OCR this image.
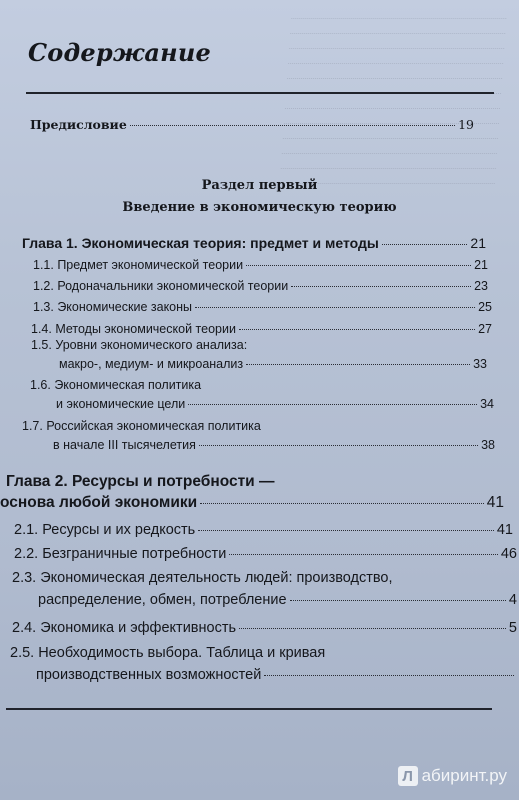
Содержание
Предисловие	19
Раздел первый
Введение в экономическую теорию
Глава 1. Экономическая теория: предмет и методы	21
1.1. Предмет экономической теории	21
1.2. Родоначальники экономической теории	23
1.3. Экономические законы	25
1.4. Методы экономической теории	27
1.5. Уровни экономического анализа:
макро-, медиум- и микроанализ	33
1.6. Экономическая политика
и экономические цели	34
1.7. Российская экономическая политика
в начале III тысячелетия	38
Глава 2. Ресурсы и потребности —
основа любой экономики	41
2.1. Ресурсы и их редкость	41
2.2. Безграничные потребности	46
2.3. Экономическая деятельность людей: производство,
распределение, обмен, потребление	4
2.4. Экономика и эффективность	5
2.5. Необходимость выбора. Таблица и кривая
производственных возможностей
Л абиринт.ру
